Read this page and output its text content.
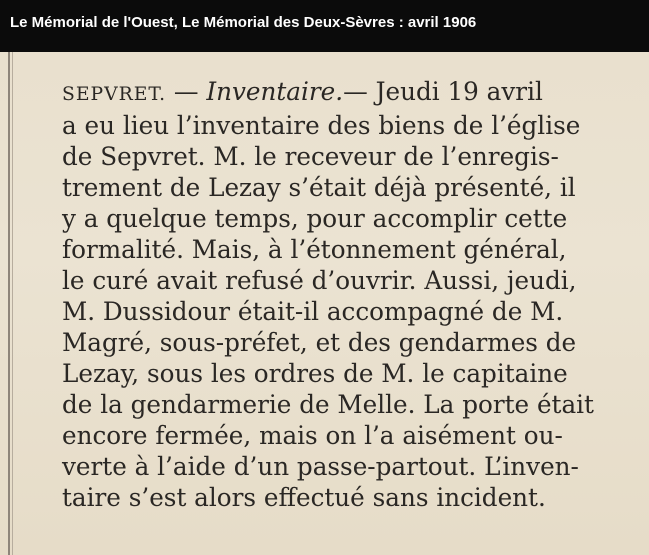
Le Mémorial de l'Ouest, Le Mémorial des Deux-Sèvres : avril 1906
SEPVRET. — Inventaire.— Jeudi 19 avril
a eu lieu l’inventaire des biens de l’église
de Sepvret. M. le receveur de l’enregis-
trement de Lezay s’était déjà présenté, il
y a quelque temps, pour accomplir cette
formalité. Mais, à l’étonnement général,
le curé avait refusé d’ouvrir. Aussi, jeudi,
M. Dussidour était-il accompagné de M.
Magré, sous-préfet, et des gendarmes de
Lezay, sous les ordres de M. le capitaine
de la gendarmerie de Melle. La porte était
encore fermée, mais on l’a aisément ou-
verte à l’aide d’un passe-partout. L’inven-
taire s’est alors effectué sans incident.
